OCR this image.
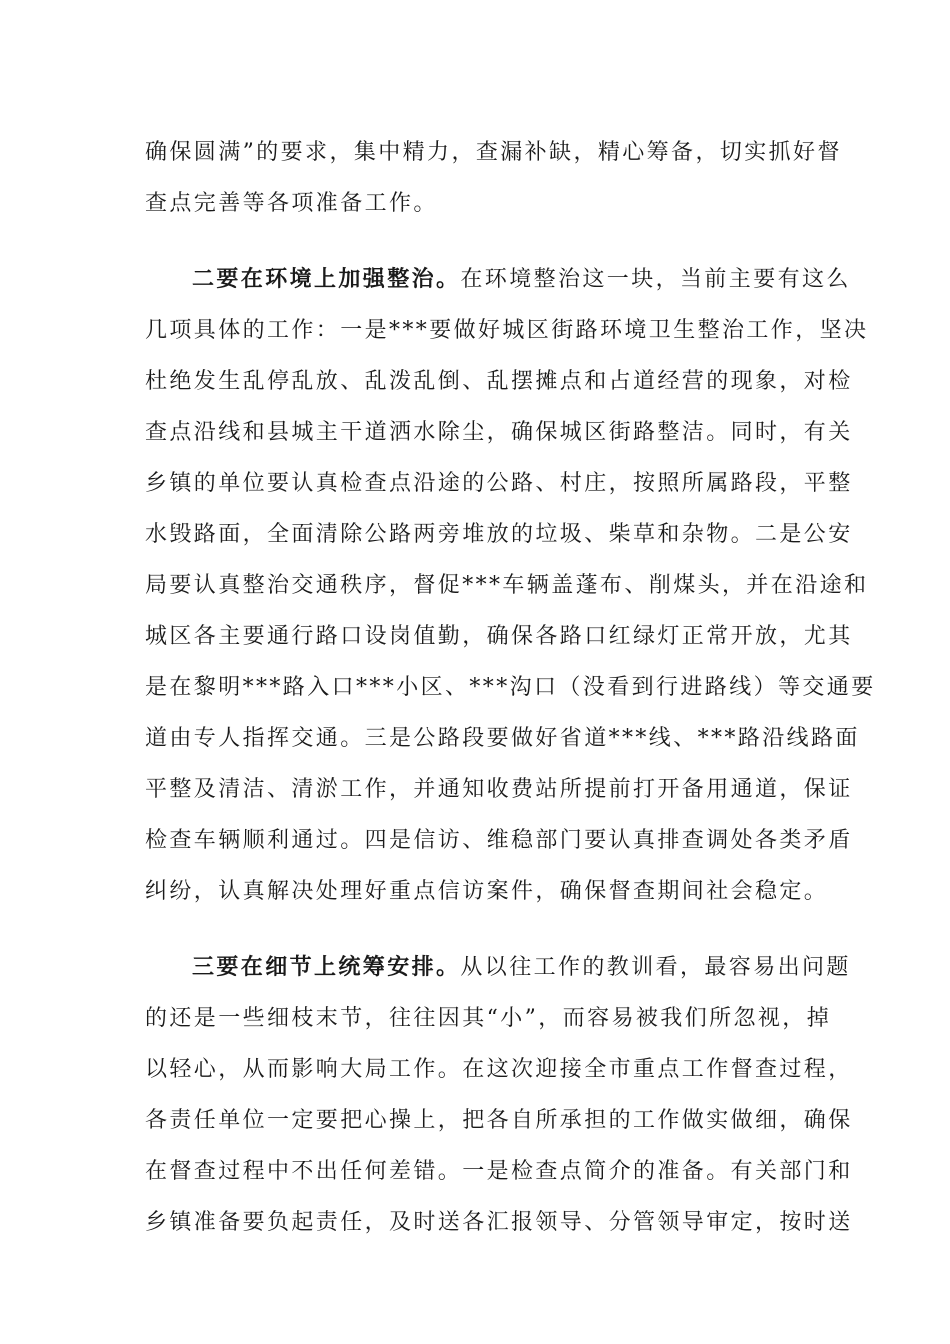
确保圆满”的要求，集中精力，查漏补缺，精心筹备，切实抓好督
查点完善等各项准备工作。
二要在环境上加强整治。在环境整治这一块，当前主要有这么
几项具体的工作：一是***要做好城区街路环境卫生整治工作，坚决
杜绝发生乱停乱放、乱泼乱倒、乱摆摊点和占道经营的现象，对检
查点沿线和县城主干道洒水除尘，确保城区街路整洁。同时，有关
乡镇的单位要认真检查点沿途的公路、村庄，按照所属路段，平整
水毁路面，全面清除公路两旁堆放的垃圾、柴草和杂物。二是公安
局要认真整治交通秩序，督促***车辆盖蓬布、削煤头，并在沿途和
城区各主要通行路口设岗值勤，确保各路口红绿灯正常开放，尤其
是在黎明***路入口***小区、***沟口（没看到行进路线）等交通要
道由专人指挥交通。三是公路段要做好省道***线、***路沿线路面
平整及清洁、清淤工作，并通知收费站所提前打开备用通道，保证
检查车辆顺利通过。四是信访、维稳部门要认真排查调处各类矛盾
纠纷，认真解决处理好重点信访案件，确保督查期间社会稳定。
三要在细节上统筹安排。从以往工作的教训看，最容易出问题
的还是一些细枝末节，往往因其“小”，而容易被我们所忽视，掉
以轻心，从而影响大局工作。在这次迎接全市重点工作督查过程，
各责任单位一定要把心操上，把各自所承担的工作做实做细，确保
在督查过程中不出任何差错。一是检查点简介的准备。有关部门和
乡镇准备要负起责任，及时送各汇报领导、分管领导审定，按时送
